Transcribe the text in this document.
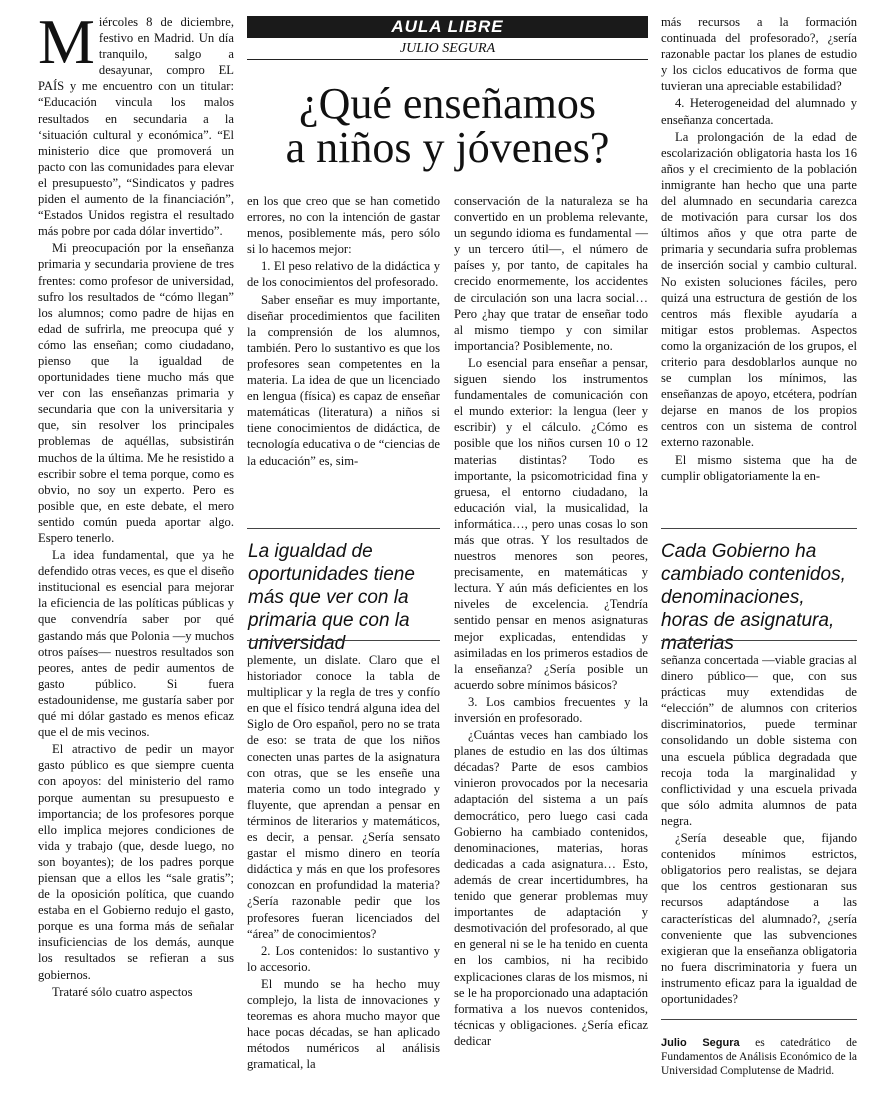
AULA LIBRE
JULIO SEGURA
¿Qué enseñamos
a niños y jóvenes?
M iércoles 8 de diciembre, festivo en Madrid. Un día tranquilo, salgo a desayunar, compro EL PAÍS y me encuentro con un titular: “Educación vincula los malos resultados en secundaria a la ‘situación cultural y económica”. “El ministerio dice que promoverá un pacto con las comunidades para elevar el presupuesto”, “Sindicatos y padres piden el aumento de la financiación”, “Estados Unidos registra el resultado más pobre por cada dólar invertido”.

Mi preocupación por la enseñanza primaria y secundaria proviene de tres frentes: como profesor de universidad, sufro los resultados de “cómo llegan” los alumnos; como padre de hijas en edad de sufrirla, me preocupa qué y cómo las enseñan; como ciudadano, pienso que la igualdad de oportunidades tiene mucho más que ver con las enseñanzas primaria y secundaria que con la universitaria y que, sin resolver los principales problemas de aquéllas, subsistirán muchos de la última. Me he resistido a escribir sobre el tema porque, como es obvio, no soy un experto. Pero es posible que, en este debate, el mero sentido común pueda aportar algo. Espero tenerlo.

La idea fundamental, que ya he defendido otras veces, es que el diseño institucional es esencial para mejorar la eficiencia de las políticas públicas y que convendría saber por qué gastando más que Polonia —y muchos otros países— nuestros resultados son peores, antes de pedir aumentos de gasto público. Si fuera estadounidense, me gustaría saber por qué mi dólar gastado es menos eficaz que el de mis vecinos.

El atractivo de pedir un mayor gasto público es que siempre cuenta con apoyos: del ministerio del ramo porque aumentan su presupuesto e importancia; de los profesores porque ello implica mejores condiciones de vida y trabajo (que, desde luego, no son boyantes); de los padres porque piensan que a ellos les “sale gratis”; de la oposición política, que cuando estaba en el Gobierno redujo el gasto, porque es una forma más de señalar insuficiencias de los demás, aunque los resultados se refieran a sus gobiernos.

Trataré sólo cuatro aspectos

en los que creo que se han cometido errores, no con la intención de gastar menos, posiblemente más, pero sólo si lo hacemos mejor:

1. El peso relativo de la didáctica y de los conocimientos del profesorado.

Saber enseñar es muy importante, diseñar procedimientos que faciliten la comprensión de los alumnos, también. Pero lo sustantivo es que los profesores sean competentes en la materia. La idea de que un licenciado en lengua (física) es capaz de enseñar matemáticas (literatura) a niños si tiene conocimientos de didáctica, de tecnología educativa o de “ciencias de la educación” es, sim-

La igualdad de oportunidades tiene más que ver con la primaria que con la universidad

plemente, un dislate. Claro que el historiador conoce la tabla de multiplicar y la regla de tres y confío en que el físico tendrá alguna idea del Siglo de Oro español, pero no se trata de eso: se trata de que los niños conecten unas partes de la asignatura con otras, que se les enseñe una materia como un todo integrado y fluyente, que aprendan a pensar en términos de literarios y matemáticos, es decir, a pensar. ¿Sería sensato gastar el mismo dinero en teoría didáctica y más en que los profesores conozcan en profundidad la materia? ¿Sería razonable pedir que los profesores fueran licenciados del “área” de conocimientos?

2. Los contenidos: lo sustantivo y lo accesorio.

El mundo se ha hecho muy complejo, la lista de innovaciones y teoremas es ahora mucho mayor que hace pocas décadas, se han aplicado métodos numéricos al análisis gramatical, la

conservación de la naturaleza se ha convertido en un problema relevante, un segundo idioma es fundamental —y un tercero útil—, el número de países y, por tanto, de capitales ha crecido enormemente, los accidentes de circulación son una lacra social… Pero ¿hay que tratar de enseñar todo al mismo tiempo y con similar importancia? Posiblemente, no.

Lo esencial para enseñar a pensar, siguen siendo los instrumentos fundamentales de comunicación con el mundo exterior: la lengua (leer y escribir) y el cálculo. ¿Cómo es posible que los niños cursen 10 o 12 materias distintas? Todo es importante, la psicomotricidad fina y gruesa, el entorno ciudadano, la educación vial, la musicalidad, la informática…, pero unas cosas lo son más que otras. Y los resultados de nuestros menores son peores, precisamente, en matemáticas y lectura. Y aún más deficientes en los niveles de excelencia. ¿Tendría sentido pensar en menos asignaturas mejor explicadas, entendidas y asimiladas en los primeros estadios de la enseñanza? ¿Sería posible un acuerdo sobre mínimos básicos?

3. Los cambios frecuentes y la inversión en profesorado.

¿Cuántas veces han cambiado los planes de estudio en las dos últimas décadas? Parte de esos cambios vinieron provocados por la necesaria adaptación del sistema a un país democrático, pero luego casi cada Gobierno ha cambiado contenidos, denominaciones, materias, horas dedicadas a cada asignatura… Esto, además de crear incertidumbres, ha tenido que generar problemas muy importantes de adaptación y desmotivación del profesorado, al que en general ni se le ha tenido en cuenta en los cambios, ni ha recibido explicaciones claras de los mismos, ni se le ha proporcionado una adaptación formativa a los nuevos contenidos, técnicas y obligaciones. ¿Sería eficaz dedicar

más recursos a la formación continuada del profesorado?, ¿sería razonable pactar los planes de estudio y los ciclos educativos de forma que tuvieran una apreciable estabilidad?

4. Heterogeneidad del alumnado y enseñanza concertada.

La prolongación de la edad de escolarización obligatoria hasta los 16 años y el crecimiento de la población inmigrante han hecho que una parte del alumnado en secundaria carezca de motivación para cursar los dos últimos años y que otra parte de primaria y secundaria sufra problemas de inserción social y cambio cultural. No existen soluciones fáciles, pero quizá una estructura de gestión de los centros más flexible ayudaría a mitigar estos problemas. Aspectos como la organización de los grupos, el criterio para desdoblarlos aunque no se cumplan los mínimos, las enseñanzas de apoyo, etcétera, podrían dejarse en manos de los propios centros con un sistema de control externo razonable.

El mismo sistema que ha de cumplir obligatoriamente la en-

Cada Gobierno ha cambiado contenidos, denominaciones, horas de asignatura, materias

señanza concertada —viable gracias al dinero público— que, con sus prácticas muy extendidas de “elección” de alumnos con criterios discriminatorios, puede terminar consolidando un doble sistema con una escuela pública degradada que recoja toda la marginalidad y conflictividad y una escuela privada que sólo admita alumnos de pata negra.

¿Sería deseable que, fijando contenidos mínimos estrictos, obligatorios pero realistas, se dejara que los centros gestionaran sus recursos adaptándose a las características del alumnado?, ¿sería conveniente que las subvenciones exigieran que la enseñanza obligatoria no fuera discriminatoria y fuera un instrumento eficaz para la igualdad de oportunidades?

Julio Segura es catedrático de Fundamentos de Análisis Económico de la Universidad Complutense de Madrid.
